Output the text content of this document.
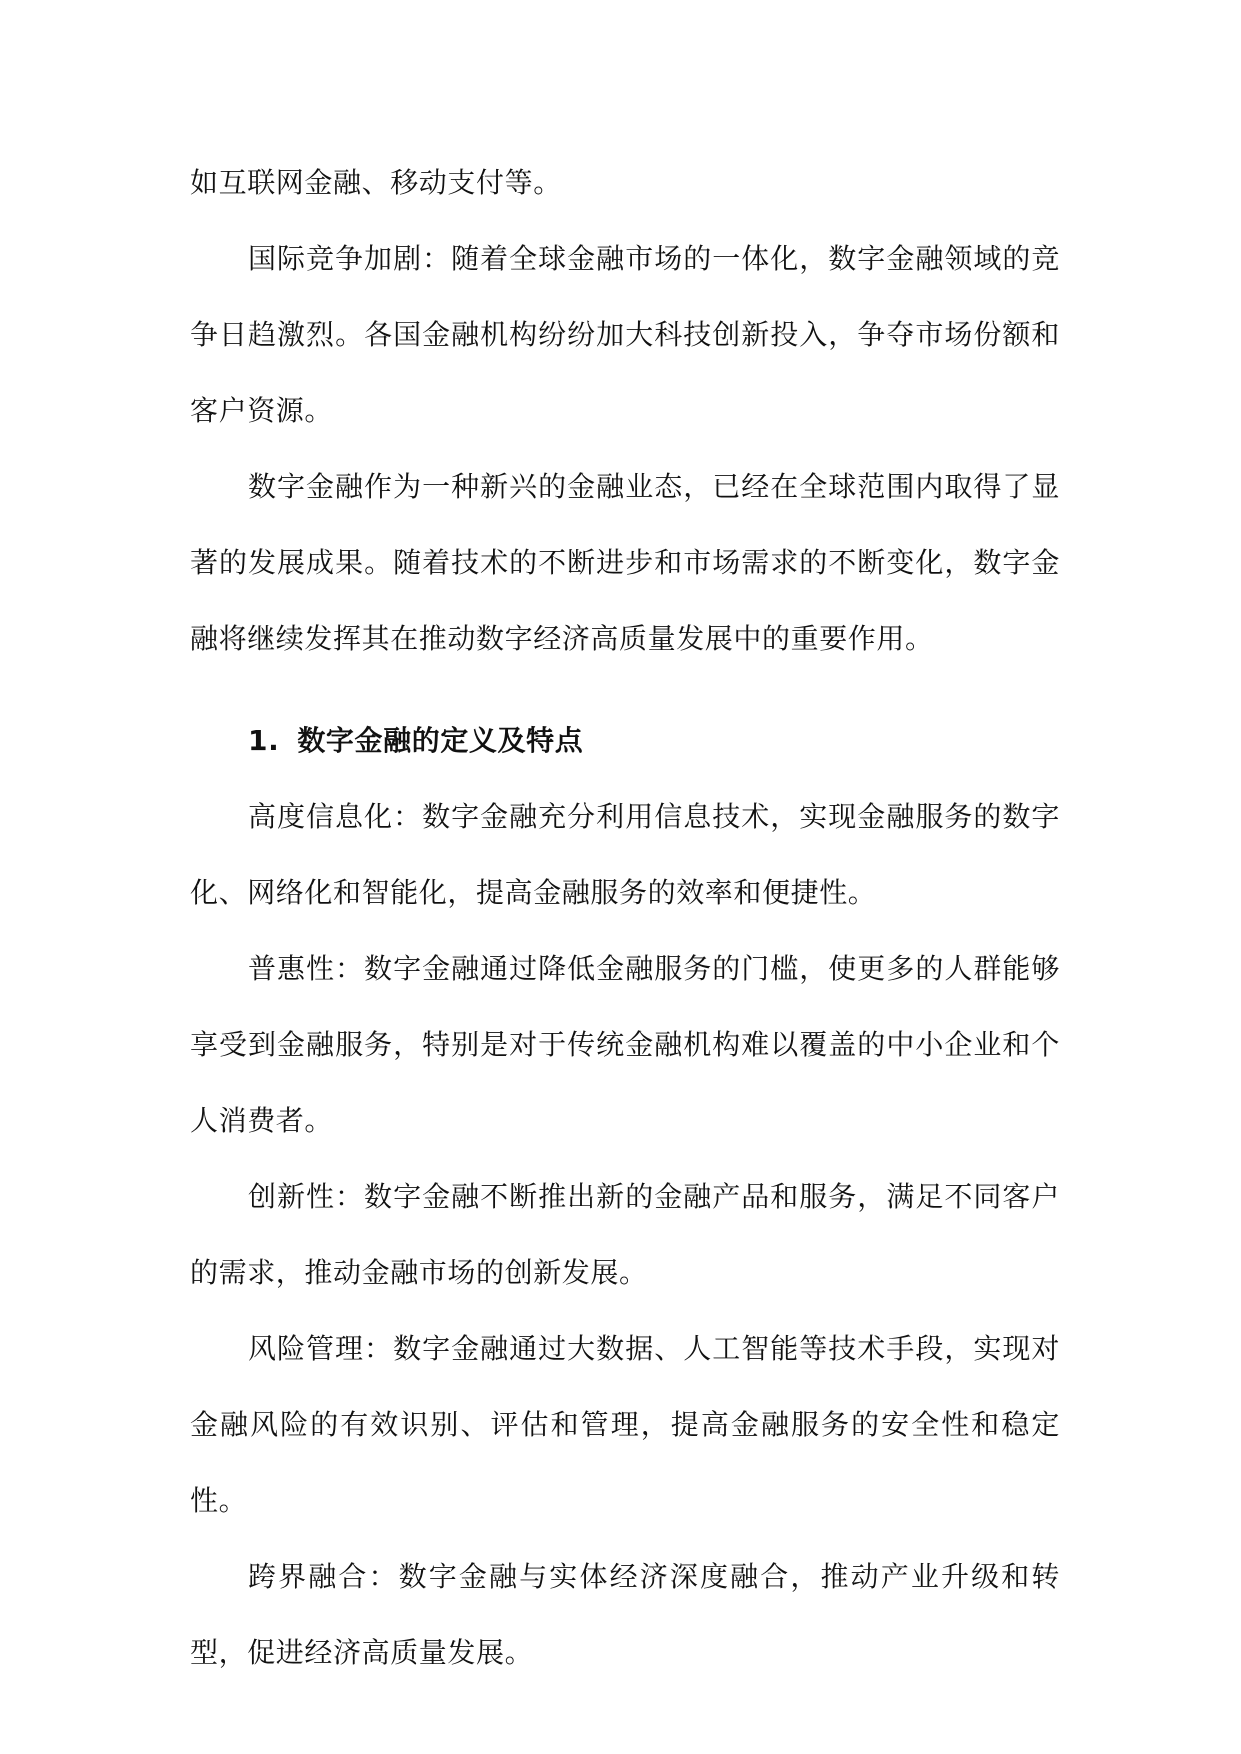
如互联网金融、移动支付等。

国际竞争加剧：随着全球金融市场的一体化，数字金融领域的竞争日趋激烈。各国金融机构纷纷加大科技创新投入，争夺市场份额和客户资源。

数字金融作为一种新兴的金融业态，已经在全球范围内取得了显著的发展成果。随着技术的不断进步和市场需求的不断变化，数字金融将继续发挥其在推动数字经济高质量发展中的重要作用。

1. 数字金融的定义及特点

高度信息化：数字金融充分利用信息技术，实现金融服务的数字化、网络化和智能化，提高金融服务的效率和便捷性。

普惠性：数字金融通过降低金融服务的门槛，使更多的人群能够享受到金融服务，特别是对于传统金融机构难以覆盖的中小企业和个人消费者。

创新性：数字金融不断推出新的金融产品和服务，满足不同客户的需求，推动金融市场的创新发展。

风险管理：数字金融通过大数据、人工智能等技术手段，实现对金融风险的有效识别、评估和管理，提高金融服务的安全性和稳定性。

跨界融合：数字金融与实体经济深度融合，推动产业升级和转型，促进经济高质量发展。
